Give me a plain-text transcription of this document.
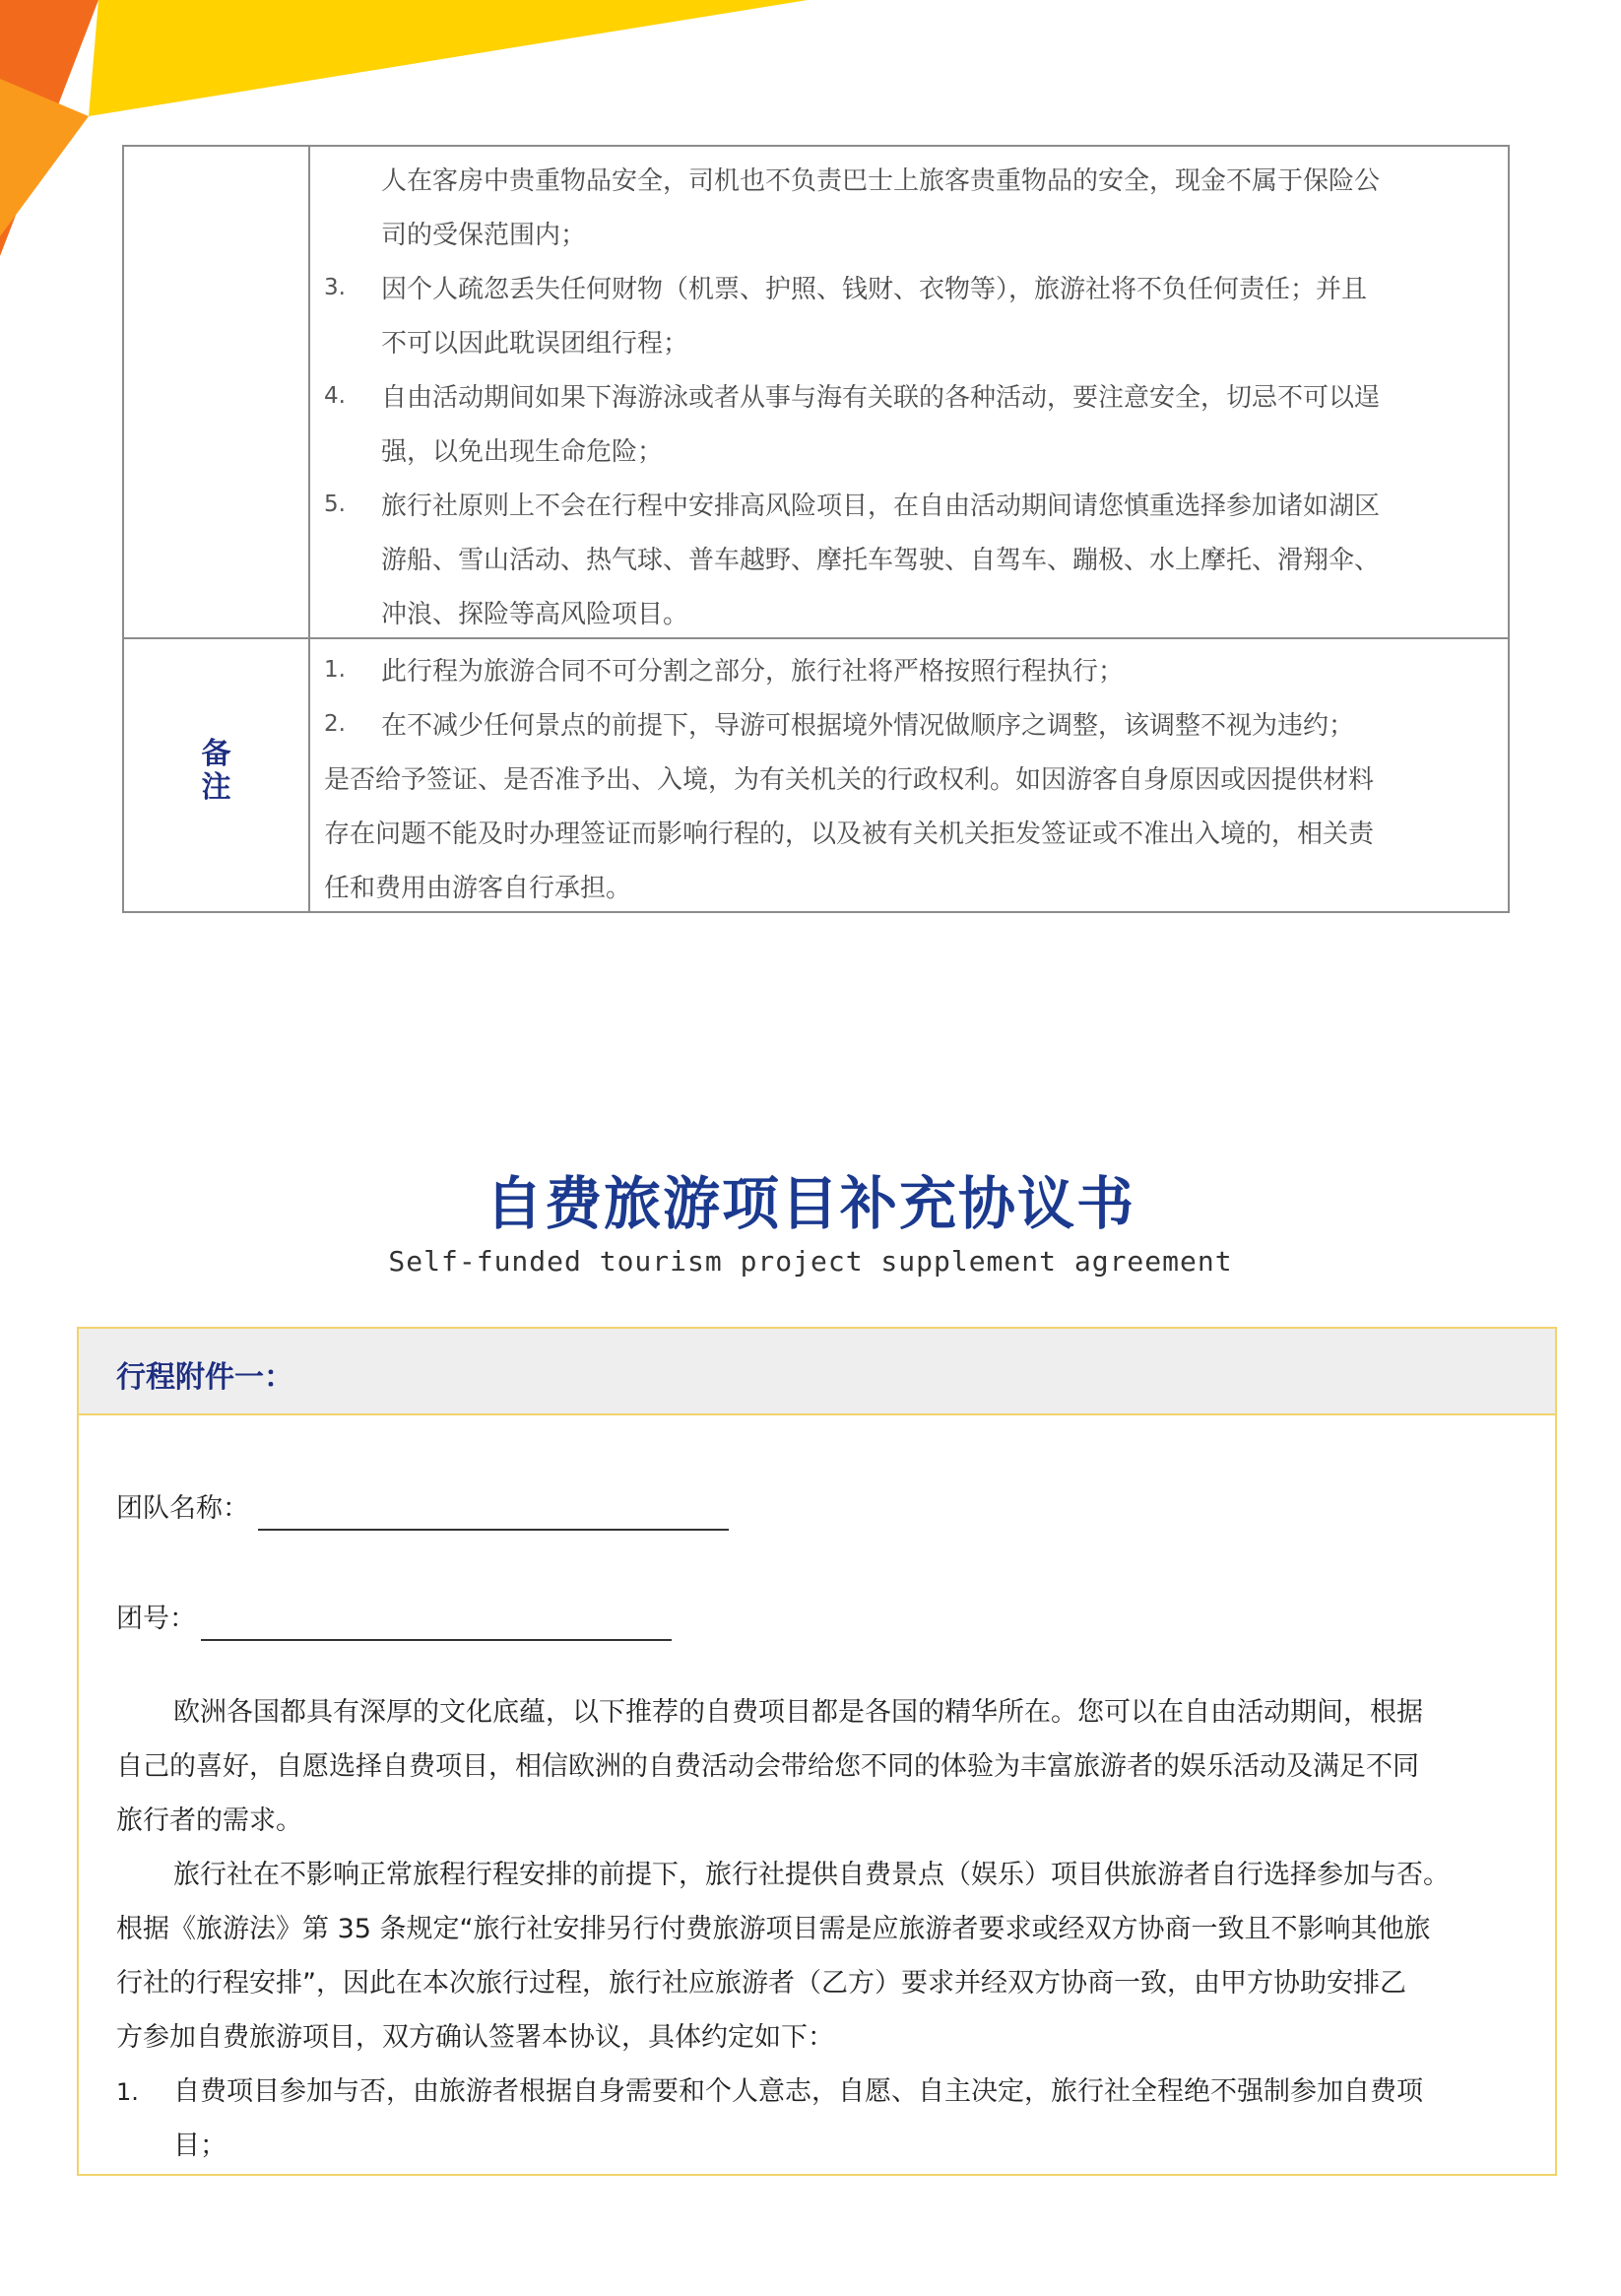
人在客房中贵重物品安全，司机也不负责巴士上旅客贵重物品的安全，现金不属于保险公
司的受保范围内；
3. 因个人疏忽丢失任何财物（机票、护照、钱财、衣物等），旅游社将不负任何责任；并且
不可以因此耽误团组行程；
4. 自由活动期间如果下海游泳或者从事与海有关联的各种活动，要注意安全，切忌不可以逞
强，以免出现生命危险；
5. 旅行社原则上不会在行程中安排高风险项目，在自由活动期间请您慎重选择参加诸如湖区
游船、雪山活动、热气球、普车越野、摩托车驾驶、自驾车、蹦极、水上摩托、滑翔伞、
冲浪、探险等高风险项目。
备
注
1. 此行程为旅游合同不可分割之部分，旅行社将严格按照行程执行；
2. 在不减少任何景点的前提下，导游可根据境外情况做顺序之调整，该调整不视为违约；
是否给予签证、是否准予出、入境，为有关机关的行政权利。如因游客自身原因或因提供材料
存在问题不能及时办理签证而影响行程的，以及被有关机关拒发签证或不准出入境的，相关责
任和费用由游客自行承担。
自费旅游项目补充协议书
Self-funded tourism project supplement agreement
行程附件一：
团队名称：
团号：
欧洲各国都具有深厚的文化底蕴，以下推荐的自费项目都是各国的精华所在。您可以在自由活动期间，根据
自己的喜好，自愿选择自费项目，相信欧洲的自费活动会带给您不同的体验为丰富旅游者的娱乐活动及满足不同
旅行者的需求。
旅行社在不影响正常旅程行程安排的前提下，旅行社提供自费景点（娱乐）项目供旅游者自行选择参加与否。
根据《旅游法》第 35 条规定“旅行社安排另行付费旅游项目需是应旅游者要求或经双方协商一致且不影响其他旅
行社的行程安排”，因此在本次旅行过程，旅行社应旅游者（乙方）要求并经双方协商一致，由甲方协助安排乙
方参加自费旅游项目，双方确认签署本协议，具体约定如下：
1. 自费项目参加与否，由旅游者根据自身需要和个人意志，自愿、自主决定，旅行社全程绝不强制参加自费项
目；
